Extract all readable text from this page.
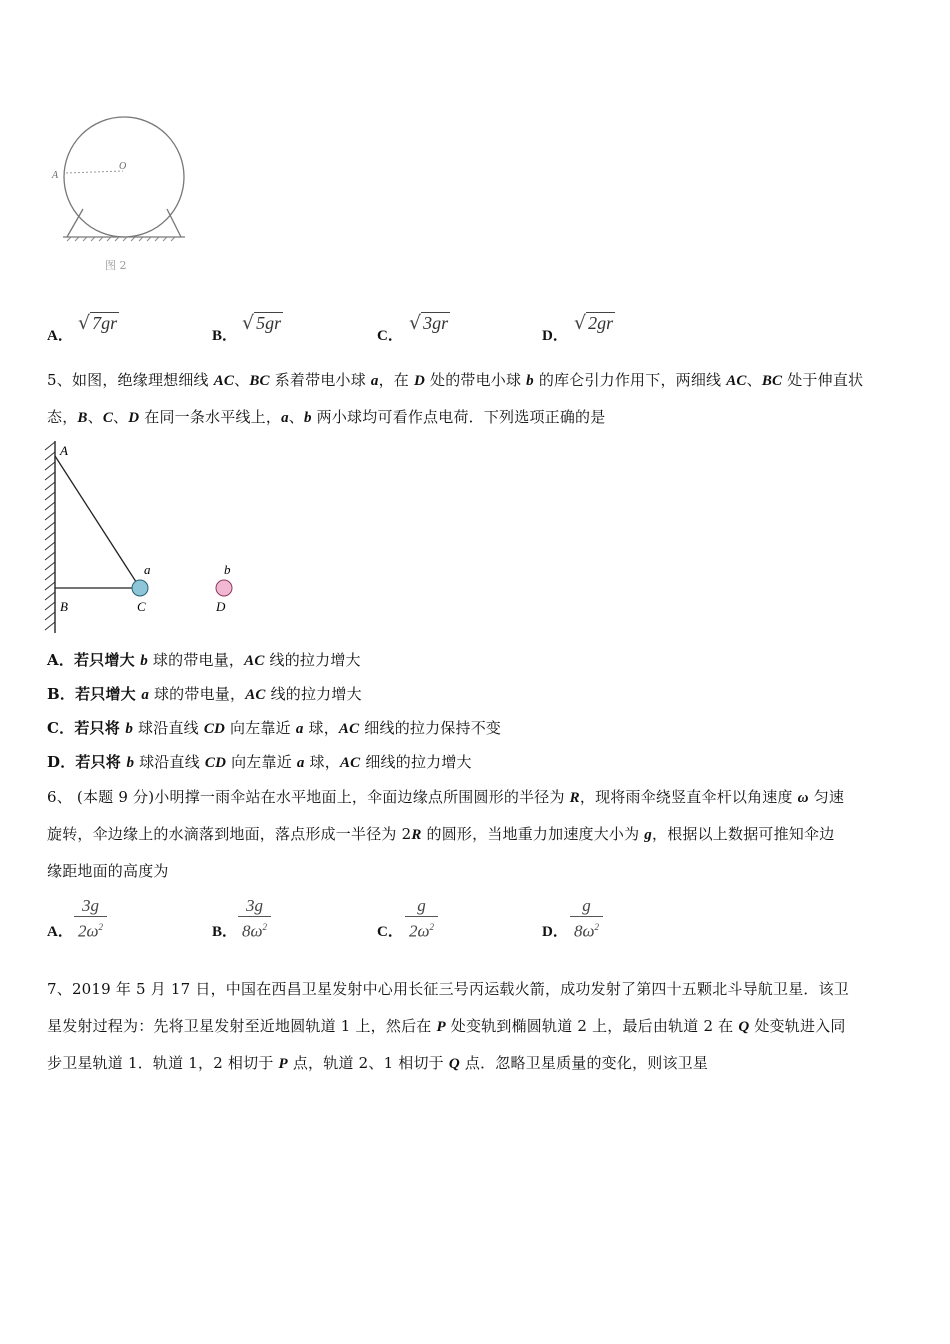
A
O
图 2
A．
√ 7gr
B．
√ 5gr
C．
√ 3gr
D．
√ 2gr
5、如图，绝缘理想细线 AC、BC 系着带电小球 a，在 D 处的带电小球 b 的库仑引力作用下，两细线 AC、BC 处于伸直状
态，B、C、D 在同一条水平线上，a、b 两小球均可看作点电荷．下列选项正确的是
A
B	C	D
a	b
A．若只增大 b 球的带电量，AC 线的拉力增大
B．若只增大 a 球的带电量，AC 线的拉力增大
C．若只将 b 球沿直线 CD 向左靠近 a 球，AC 细线的拉力保持不变
D．若只将 b 球沿直线 CD 向左靠近 a 球，AC 细线的拉力增大
6、 (本题 9 分)小明撑一雨伞站在水平地面上，伞面边缘点所围圆形的半径为 R，现将雨伞绕竖直伞杆以角速度 ω 匀速
旋转，伞边缘上的水滴落到地面，落点形成一半径为 2R 的圆形，当地重力加速度大小为 g，根据以上数据可推知伞边
缘距地面的高度为
A． $\frac{3g}{2\omega^2}$	B． $\frac{3g}{8\omega^2}$	C． $\frac{g}{2\omega^2}$	D． $\frac{g}{8\omega^2}$
7、2019 年 5 月 17 日，中国在西昌卫星发射中心用长征三号丙运载火箭，成功发射了第四十五颗北斗导航卫星．该卫
星发射过程为：先将卫星发射至近地圆轨道 1 上，然后在 P 处变轨到椭圆轨道 2 上，最后由轨道 2 在 Q 处变轨进入同
步卫星轨道 1．轨道 1，2 相切于 P 点，轨道 2、1 相切于 Q 点．忽略卫星质量的变化，则该卫星
